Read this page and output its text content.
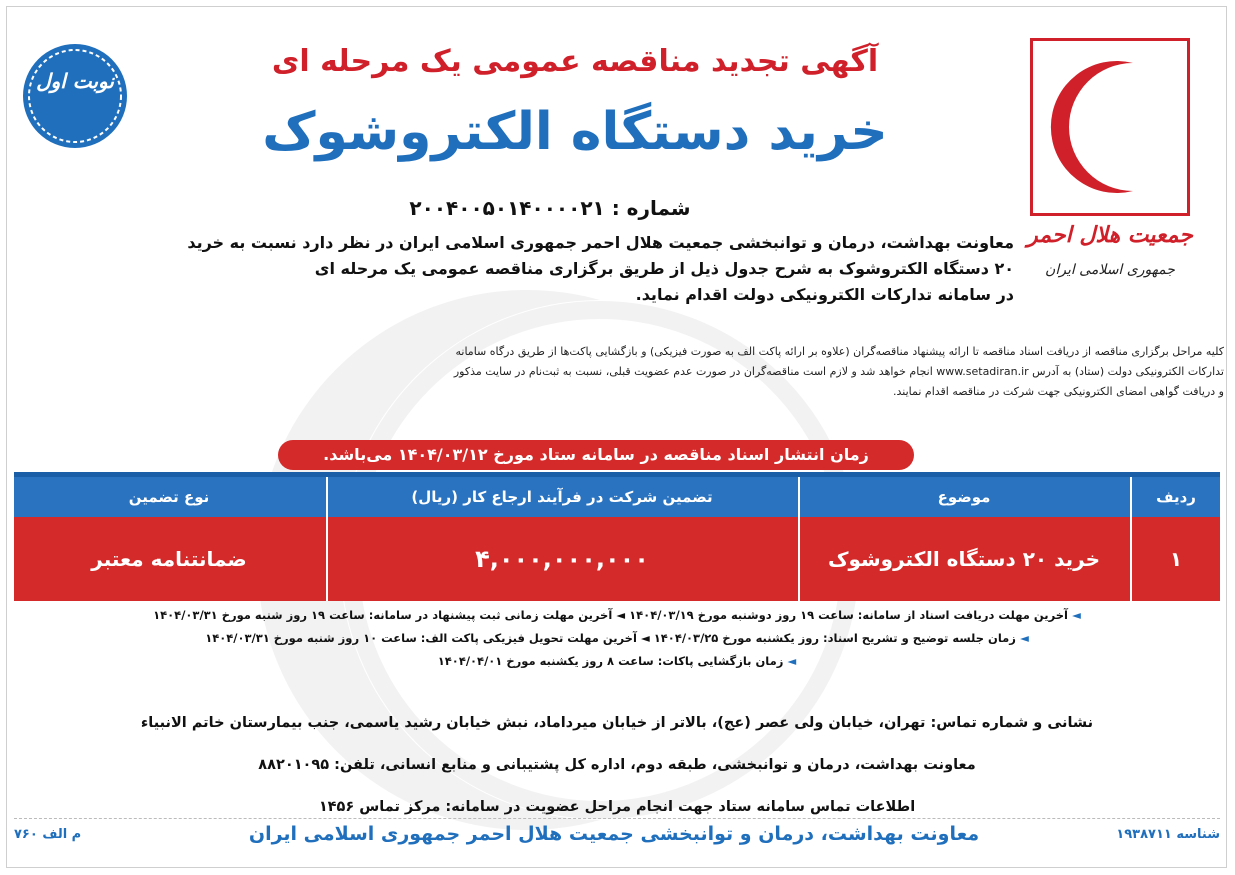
جمعیت هلال احمر
جمهوری اسلامی ایران
نوبت اول
آگهی تجدید مناقصه عمومی یک مرحله ای
خرید دستگاه الکتروشوک
شماره : ۲۰۰۴۰۰۵۰۱۴۰۰۰۰۲۱

معاونت بهداشت، درمان و توانبخشی جمعیت هلال احمر جمهوری اسلامی ایران در نظر دارد نسبت به خرید

۲۰ دستگاه الکتروشوک به شرح جدول ذیل از طریق برگزاری مناقصه عمومی یک مرحله ای

در سامانه تدارکات الکترونیکی دولت اقدام نماید.

کلیه مراحل برگزاری مناقصه از دریافت اسناد مناقصه تا ارائه پیشنهاد مناقصه‌گران (علاوه بر ارائه پاکت الف به صورت فیزیکی) و بازگشایی پاکت‌ها از طریق درگاه سامانه

تدارکات الکترونیکی دولت (ستاد) به آدرس www.setadiran.ir انجام خواهد شد و لازم است مناقصه‌گران در صورت عدم عضویت قبلی، نسبت به ثبت‌نام در سایت مذکور

و دریافت گواهی امضای الکترونیکی جهت شرکت در مناقصه اقدام نمایند.

زمان انتشار اسناد مناقصه در سامانه ستاد مورخ ۱۴۰۴/۰۳/۱۲ می‌باشد.
ردیف
موضوع
تضمین شرکت در فرآیند ارجاع کار (ریال)
نوع تضمین
۱
خرید ۲۰ دستگاه الکتروشوک
۴,۰۰۰,۰۰۰,۰۰۰
ضمانتنامه معتبر
◄ آخرین مهلت دریافت اسناد از سامانه: ساعت ۱۹ روز دوشنبه مورخ ۱۴۰۴/۰۳/۱۹ ◄ آخرین مهلت زمانی ثبت پیشنهاد در سامانه: ساعت ۱۹ روز شنبه مورخ ۱۴۰۴/۰۳/۳۱
◄ زمان جلسه توضیح و تشریح اسناد: روز یکشنبه مورخ ۱۴۰۴/۰۳/۲۵ ◄ آخرین مهلت تحویل فیزیکی پاکت الف: ساعت ۱۰ روز شنبه مورخ ۱۴۰۴/۰۳/۳۱
◄ زمان بازگشایی پاکات: ساعت ۸ روز یکشنبه مورخ ۱۴۰۴/۰۴/۰۱
نشانی و شماره تماس: تهران، خیابان ولی عصر (عج)، بالاتر از خیابان میرداماد، نبش خیابان رشید یاسمی، جنب بیمارستان خاتم الانبیاء
معاونت بهداشت، درمان و توانبخشی، طبقه دوم، اداره کل پشتیبانی و منابع انسانی، تلفن: ۸۸۲۰۱۰۹۵
اطلاعات تماس سامانه ستاد جهت انجام مراحل عضویت در سامانه: مرکز تماس ۱۴۵۶
شناسه ۱۹۳۸۷۱۱
معاونت بهداشت، درمان و توانبخشی جمعیت هلال احمر جمهوری اسلامی ایران
م الف ۷۶۰
